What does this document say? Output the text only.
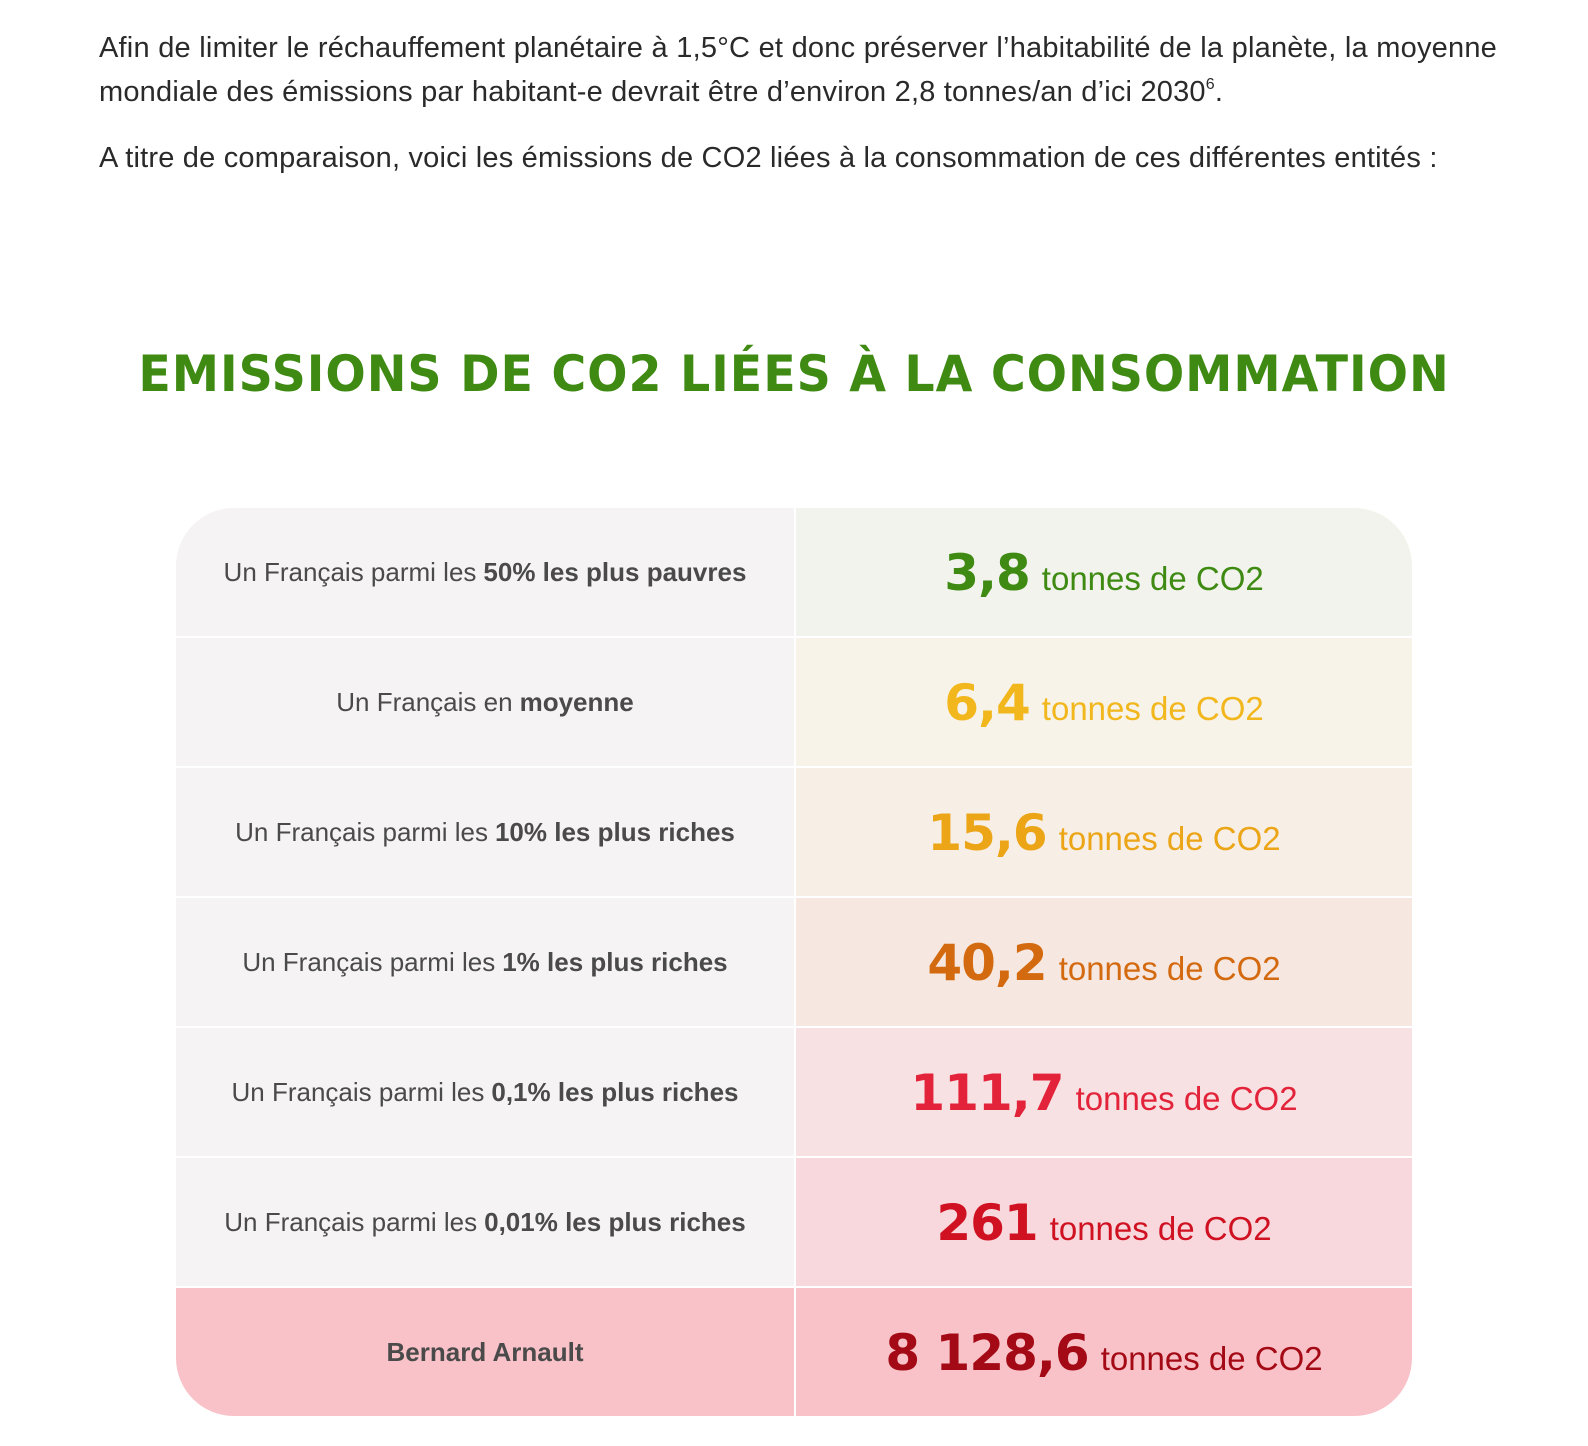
Afin de limiter le réchauffement planétaire à 1,5°C et donc préserver l’habitabilité de la planète, la moyenne mondiale des émissions par habitant-e devrait être d’environ 2,8 tonnes/an d’ici 2030$^6$.

A titre de comparaison, voici les émissions de CO2 liées à la consommation de ces différentes entités :

EMISSIONS DE CO2 LIÉES À LA CONSOMMATION
Un Français parmi les 50% les plus pauvres	3,8 tonnes de CO2
Un Français en moyenne	6,4 tonnes de CO2
Un Français parmi les 10% les plus riches	15,6 tonnes de CO2
Un Français parmi les 1% les plus riches	40,2 tonnes de CO2
Un Français parmi les 0,1% les plus riches	111,7 tonnes de CO2
Un Français parmi les 0,01% les plus riches	261 tonnes de CO2
Bernard Arnault	8 128,6 tonnes de CO2
